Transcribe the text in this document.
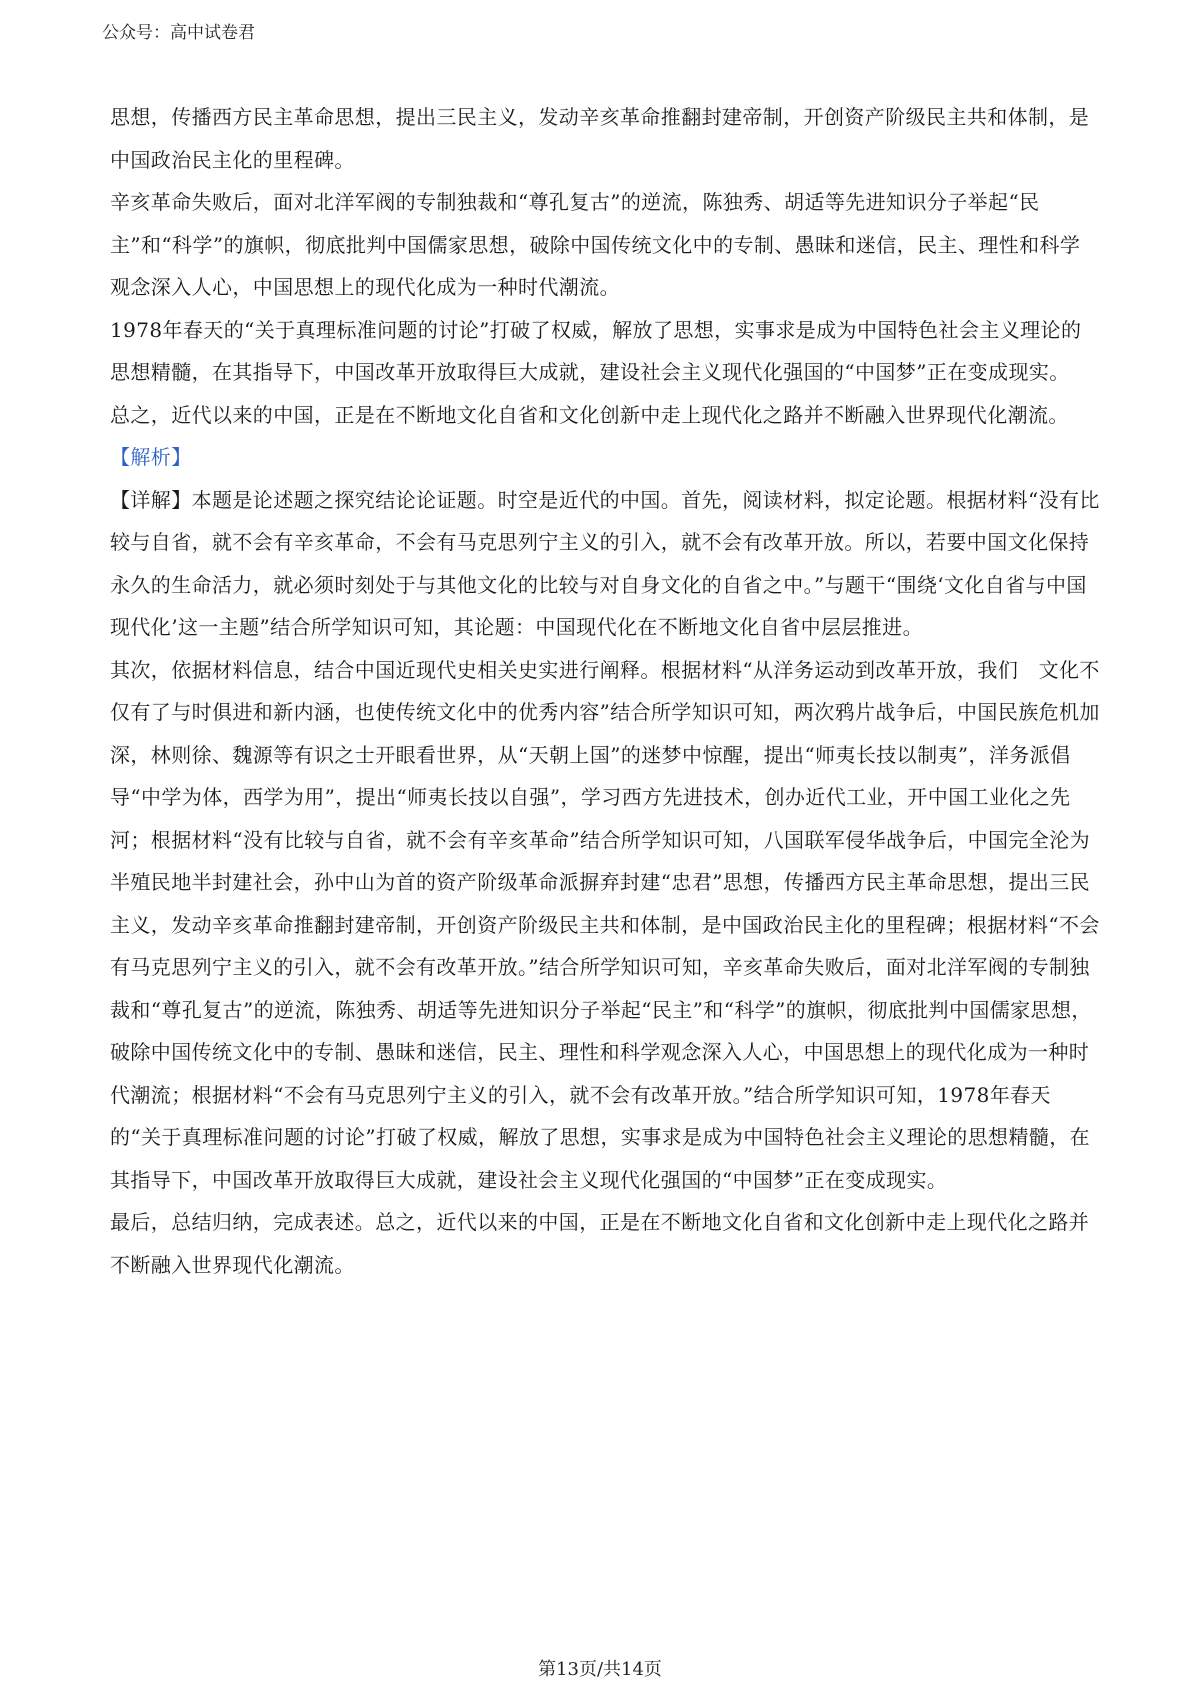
公众号：高中试卷君

思想，传播西方民主革命思想，提出三民主义，发动辛亥革命推翻封建帝制，开创资产阶级民主共和体制，是中国政治民主化的里程碑。

辛亥革命失败后，面对北洋军阀的专制独裁和“尊孔复古”的逆流，陈独秀、胡适等先进知识分子举起“民主”和“科学”的旗帜，彻底批判中国儒家思想，破除中国传统文化中的专制、愚昧和迷信，民主、理性和科学观念深入人心，中国思想上的现代化成为一种时代潮流。

1978年春天的“关于真理标准问题的讨论”打破了权威，解放了思想，实事求是成为中国特色社会主义理论的思想精髓，在其指导下，中国改革开放取得巨大成就，建设社会主义现代化强国的“中国梦”正在变成现实。

总之，近代以来的中国，正是在不断地文化自省和文化创新中走上现代化之路并不断融入世界现代化潮流。

【解析】

【详解】本题是论述题之探究结论论证题。时空是近代的中国。首先，阅读材料，拟定论题。根据材料“没有比较与自省，就不会有辛亥革命，不会有马克思列宁主义的引入，就不会有改革开放。所以，若要中国文化保持永久的生命活力，就必须时刻处于与其他文化的比较与对自身文化的自省之中。”与题干“围绕‘文化自省与中国现代化’这一主题”结合所学知识可知，其论题：中国现代化在不断地文化自省中层层推进。

其次，依据材料信息，结合中国近现代史相关史实进行阐释。根据材料“从洋务运动到改革开放，我们　文化不仅有了与时俱进和新内涵，也使传统文化中的优秀内容”结合所学知识可知，两次鸦片战争后，中国民族危机加深，林则徐、魏源等有识之士开眼看世界，从“天朝上国”的迷梦中惊醒，提出“师夷长技以制夷”，洋务派倡导“中学为体，西学为用”，提出“师夷长技以自强”，学习西方先进技术，创办近代工业，开中国工业化之先河；根据材料“没有比较与自省，就不会有辛亥革命”结合所学知识可知，八国联军侵华战争后，中国完全沦为半殖民地半封建社会，孙中山为首的资产阶级革命派摒弃封建“忠君”思想，传播西方民主革命思想，提出三民主义，发动辛亥革命推翻封建帝制，开创资产阶级民主共和体制，是中国政治民主化的里程碑；根据材料“不会有马克思列宁主义的引入，就不会有改革开放。”结合所学知识可知，辛亥革命失败后，面对北洋军阀的专制独裁和“尊孔复古”的逆流，陈独秀、胡适等先进知识分子举起“民主”和“科学”的旗帜，彻底批判中国儒家思想，破除中国传统文化中的专制、愚昧和迷信，民主、理性和科学观念深入人心，中国思想上的现代化成为一种时代潮流；根据材料“不会有马克思列宁主义的引入，就不会有改革开放。”结合所学知识可知，1978年春天的“关于真理标准问题的讨论”打破了权威，解放了思想，实事求是成为中国特色社会主义理论的思想精髓，在其指导下，中国改革开放取得巨大成就，建设社会主义现代化强国的“中国梦”正在变成现实。

最后，总结归纳，完成表述。总之，近代以来的中国，正是在不断地文化自省和文化创新中走上现代化之路并不断融入世界现代化潮流。

第13页/共14页
